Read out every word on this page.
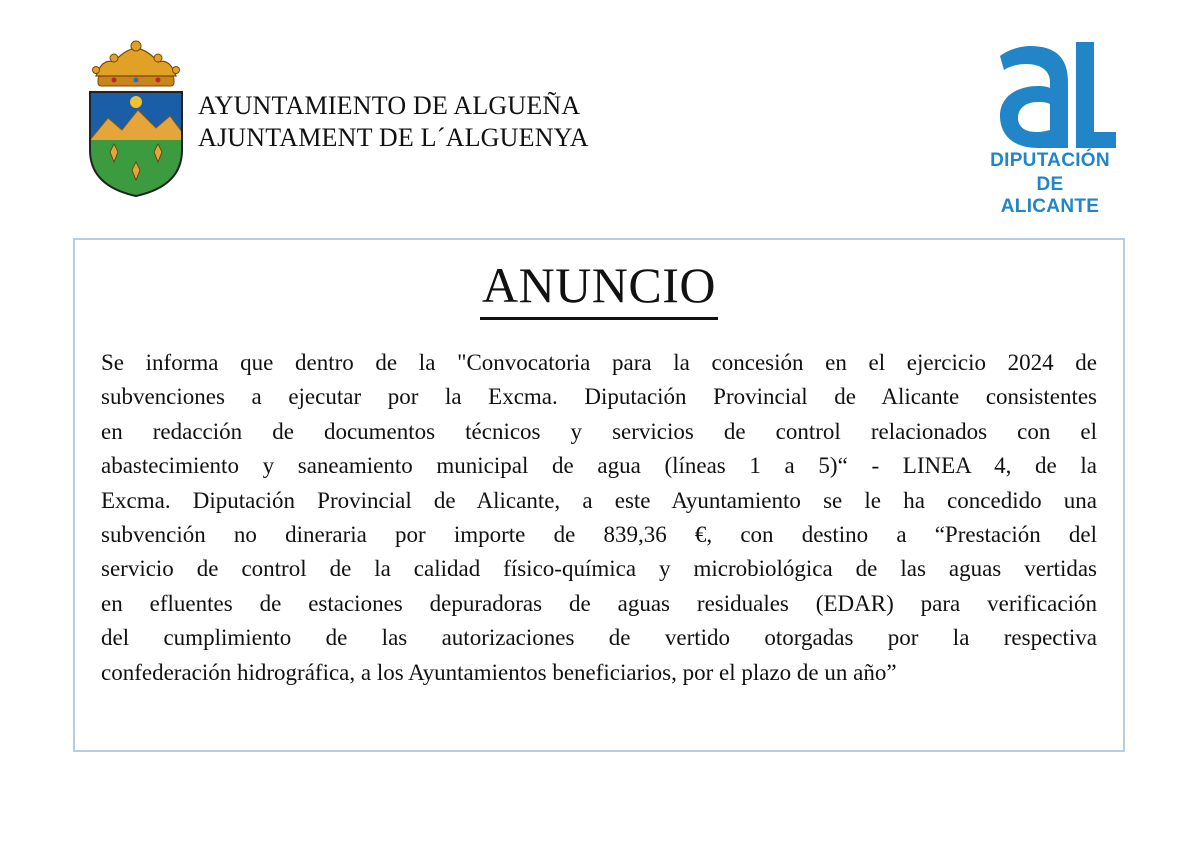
AYUNTAMIENTO DE ALGUEÑA
AJUNTAMENT DE L´ALGUENYA
DIPUTACIÓN
DE ALICANTE
ANUNCIO
Se informa que dentro de la "Convocatoria para la concesión en el ejercicio 2024 de
subvenciones a ejecutar por la Excma. Diputación Provincial de Alicante consistentes
en redacción de documentos técnicos y servicios de control relacionados con el
abastecimiento y saneamiento municipal de agua (líneas 1 a 5)“ - LINEA 4, de la
Excma. Diputación Provincial de Alicante, a este Ayuntamiento se le ha concedido una
subvención no dineraria por importe de 839,36 €, con destino a “Prestación del
servicio de control de la calidad físico-química y microbiológica de las aguas vertidas
en efluentes de estaciones depuradoras de aguas residuales (EDAR) para verificación
del cumplimiento de las autorizaciones de vertido otorgadas por la respectiva
confederación hidrográfica, a los Ayuntamientos beneficiarios, por el plazo de un año”
